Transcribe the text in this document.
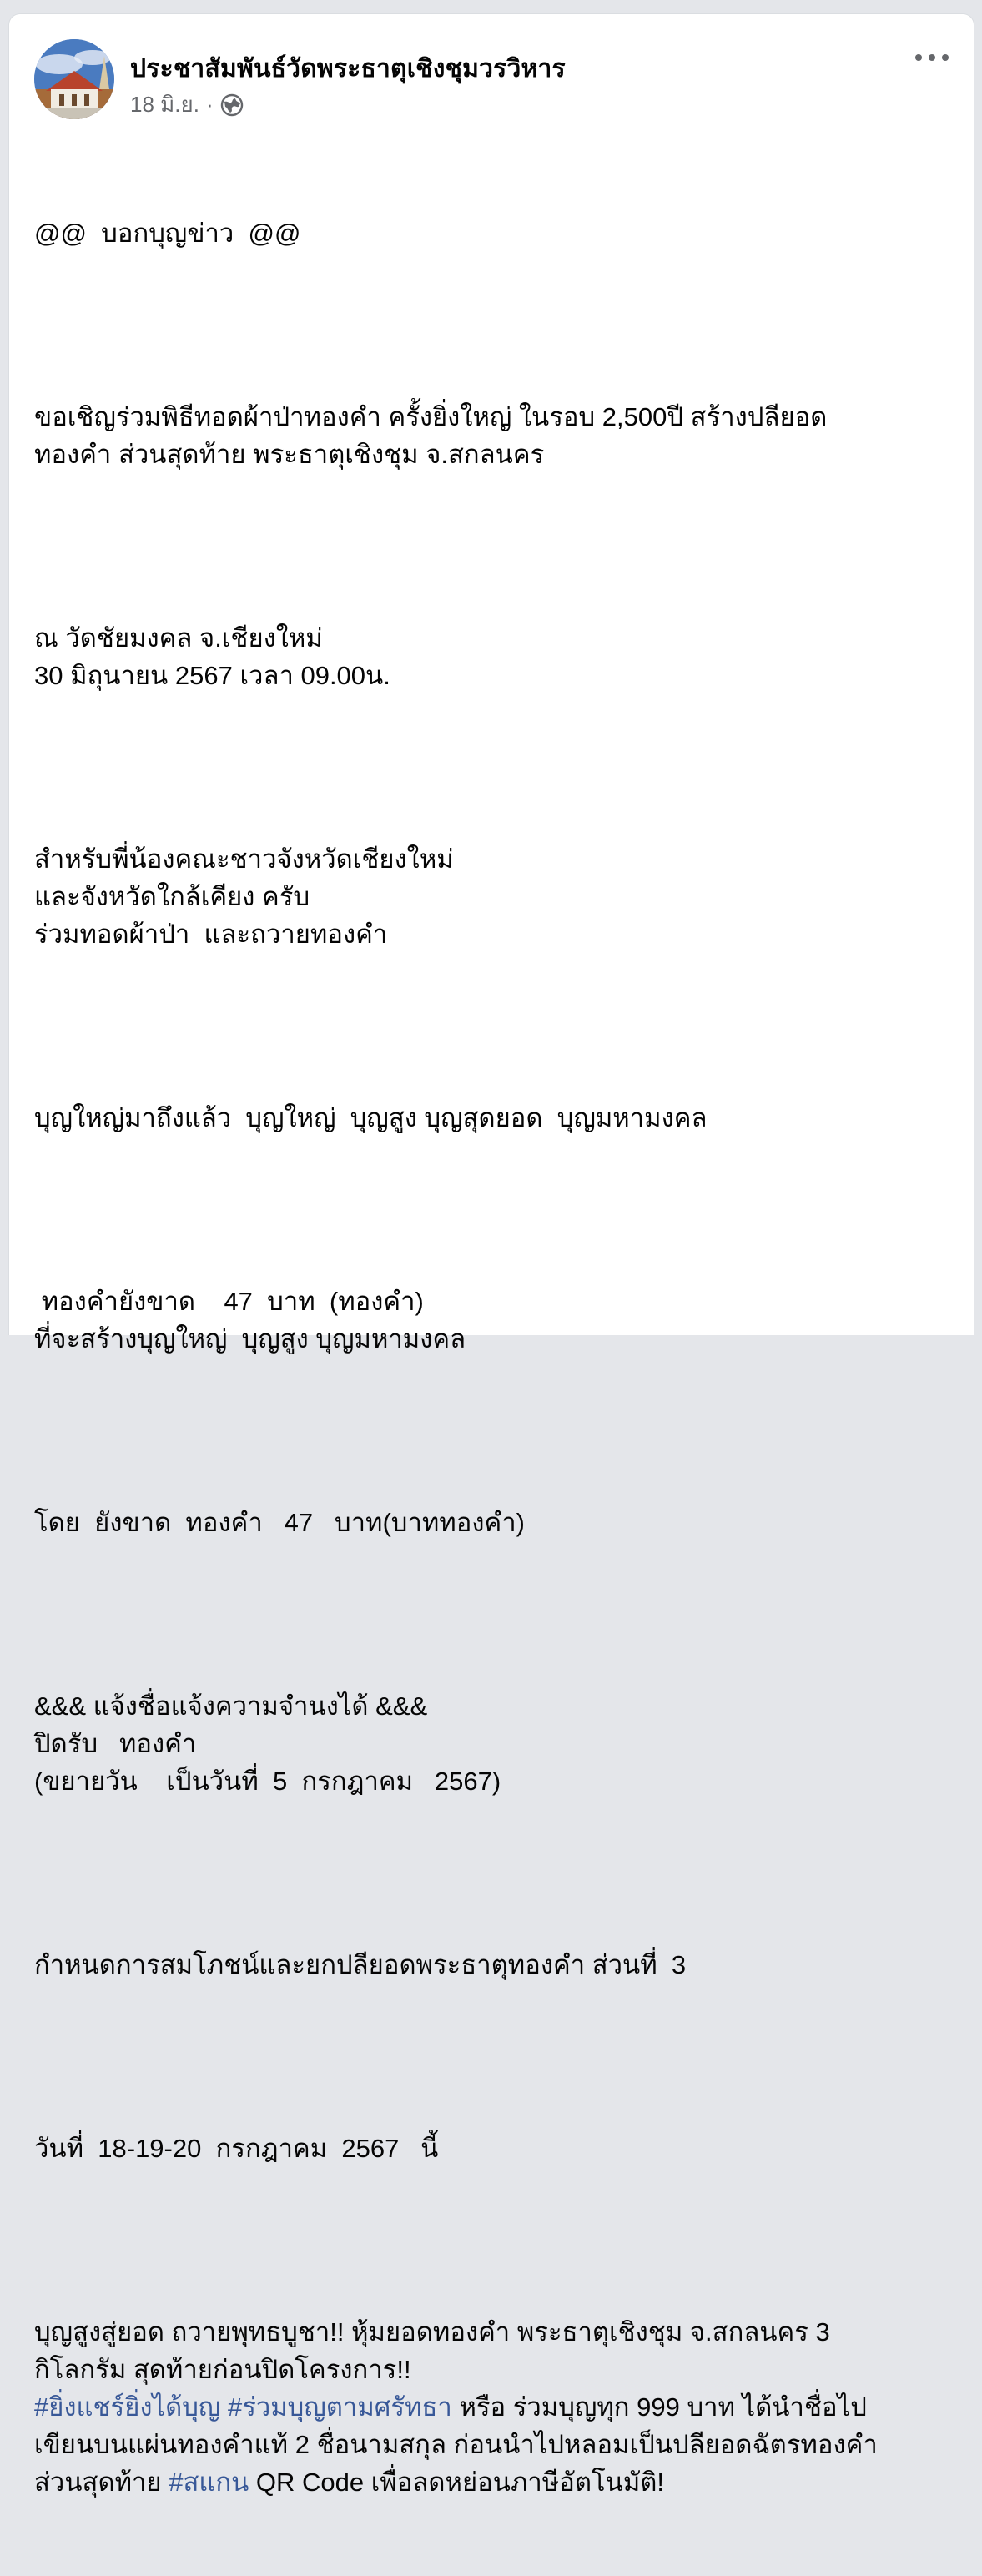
ประชาสัมพันธ์วัดพระธาตุเชิงชุมวรวิหาร
18 มิ.ย. ·

@@  บอกบุญข่าว  @@

ขอเชิญร่วมพิธีทอดผ้าป่าทองคำ ครั้งยิ่งใหญ่ ในรอบ 2,500ปี สร้างปลียอด
ทองคำ ส่วนสุดท้าย พระธาตุเชิงชุม จ.สกลนคร

ณ วัดชัยมงคล จ.เชียงใหม่
30 มิถุนายน 2567 เวลา 09.00น.

สำหรับพี่น้องคณะชาวจังหวัดเชียงใหม่
และจังหวัดใกล้เคียง ครับ
ร่วมทอดผ้าป่า  และถวายทองคำ

บุญใหญ่มาถึงแล้ว  บุญใหญ่  บุญสูง บุญสุดยอด  บุญมหามงคล

ทองคำยังขาด    47  บาท  (ทองคำ)
ที่จะสร้างบุญใหญ่  บุญสูง บุญมหามงคล

โดย  ยังขาด  ทองคำ   47   บาท(บาททองคำ)

&&& แจ้งชื่อแจ้งความจำนงได้ &&&
ปิดรับ   ทองคำ
(ขยายวัน    เป็นวันที่  5  กรกฎาคม   2567)

กำหนดการสมโภชน์และยกปลียอดพระธาตุทองคำ ส่วนที่  3

วันที่  18-19-20  กรกฎาคม  2567   นี้

บุญสูงสู่ยอด ถวายพุทธบูชา!! หุ้มยอดทองคำ พระธาตุเชิงชุม จ.สกลนคร 3
กิโลกรัม สุดท้ายก่อนปิดโครงการ!!
#ยิ่งแชร์ยิ่งได้บุญ #ร่วมบุญตามศรัทธา หรือ ร่วมบุญทุก 999 บาท ได้นำชื่อไป
เขียนบนแผ่นทองคำแท้ 2 ชื่อนามสกุล ก่อนนำไปหลอมเป็นปลียอดฉัตรทองคำ
ส่วนสุดท้าย #สแกน QR Code เพื่อลดหย่อนภาษีอัตโนมัติ!
